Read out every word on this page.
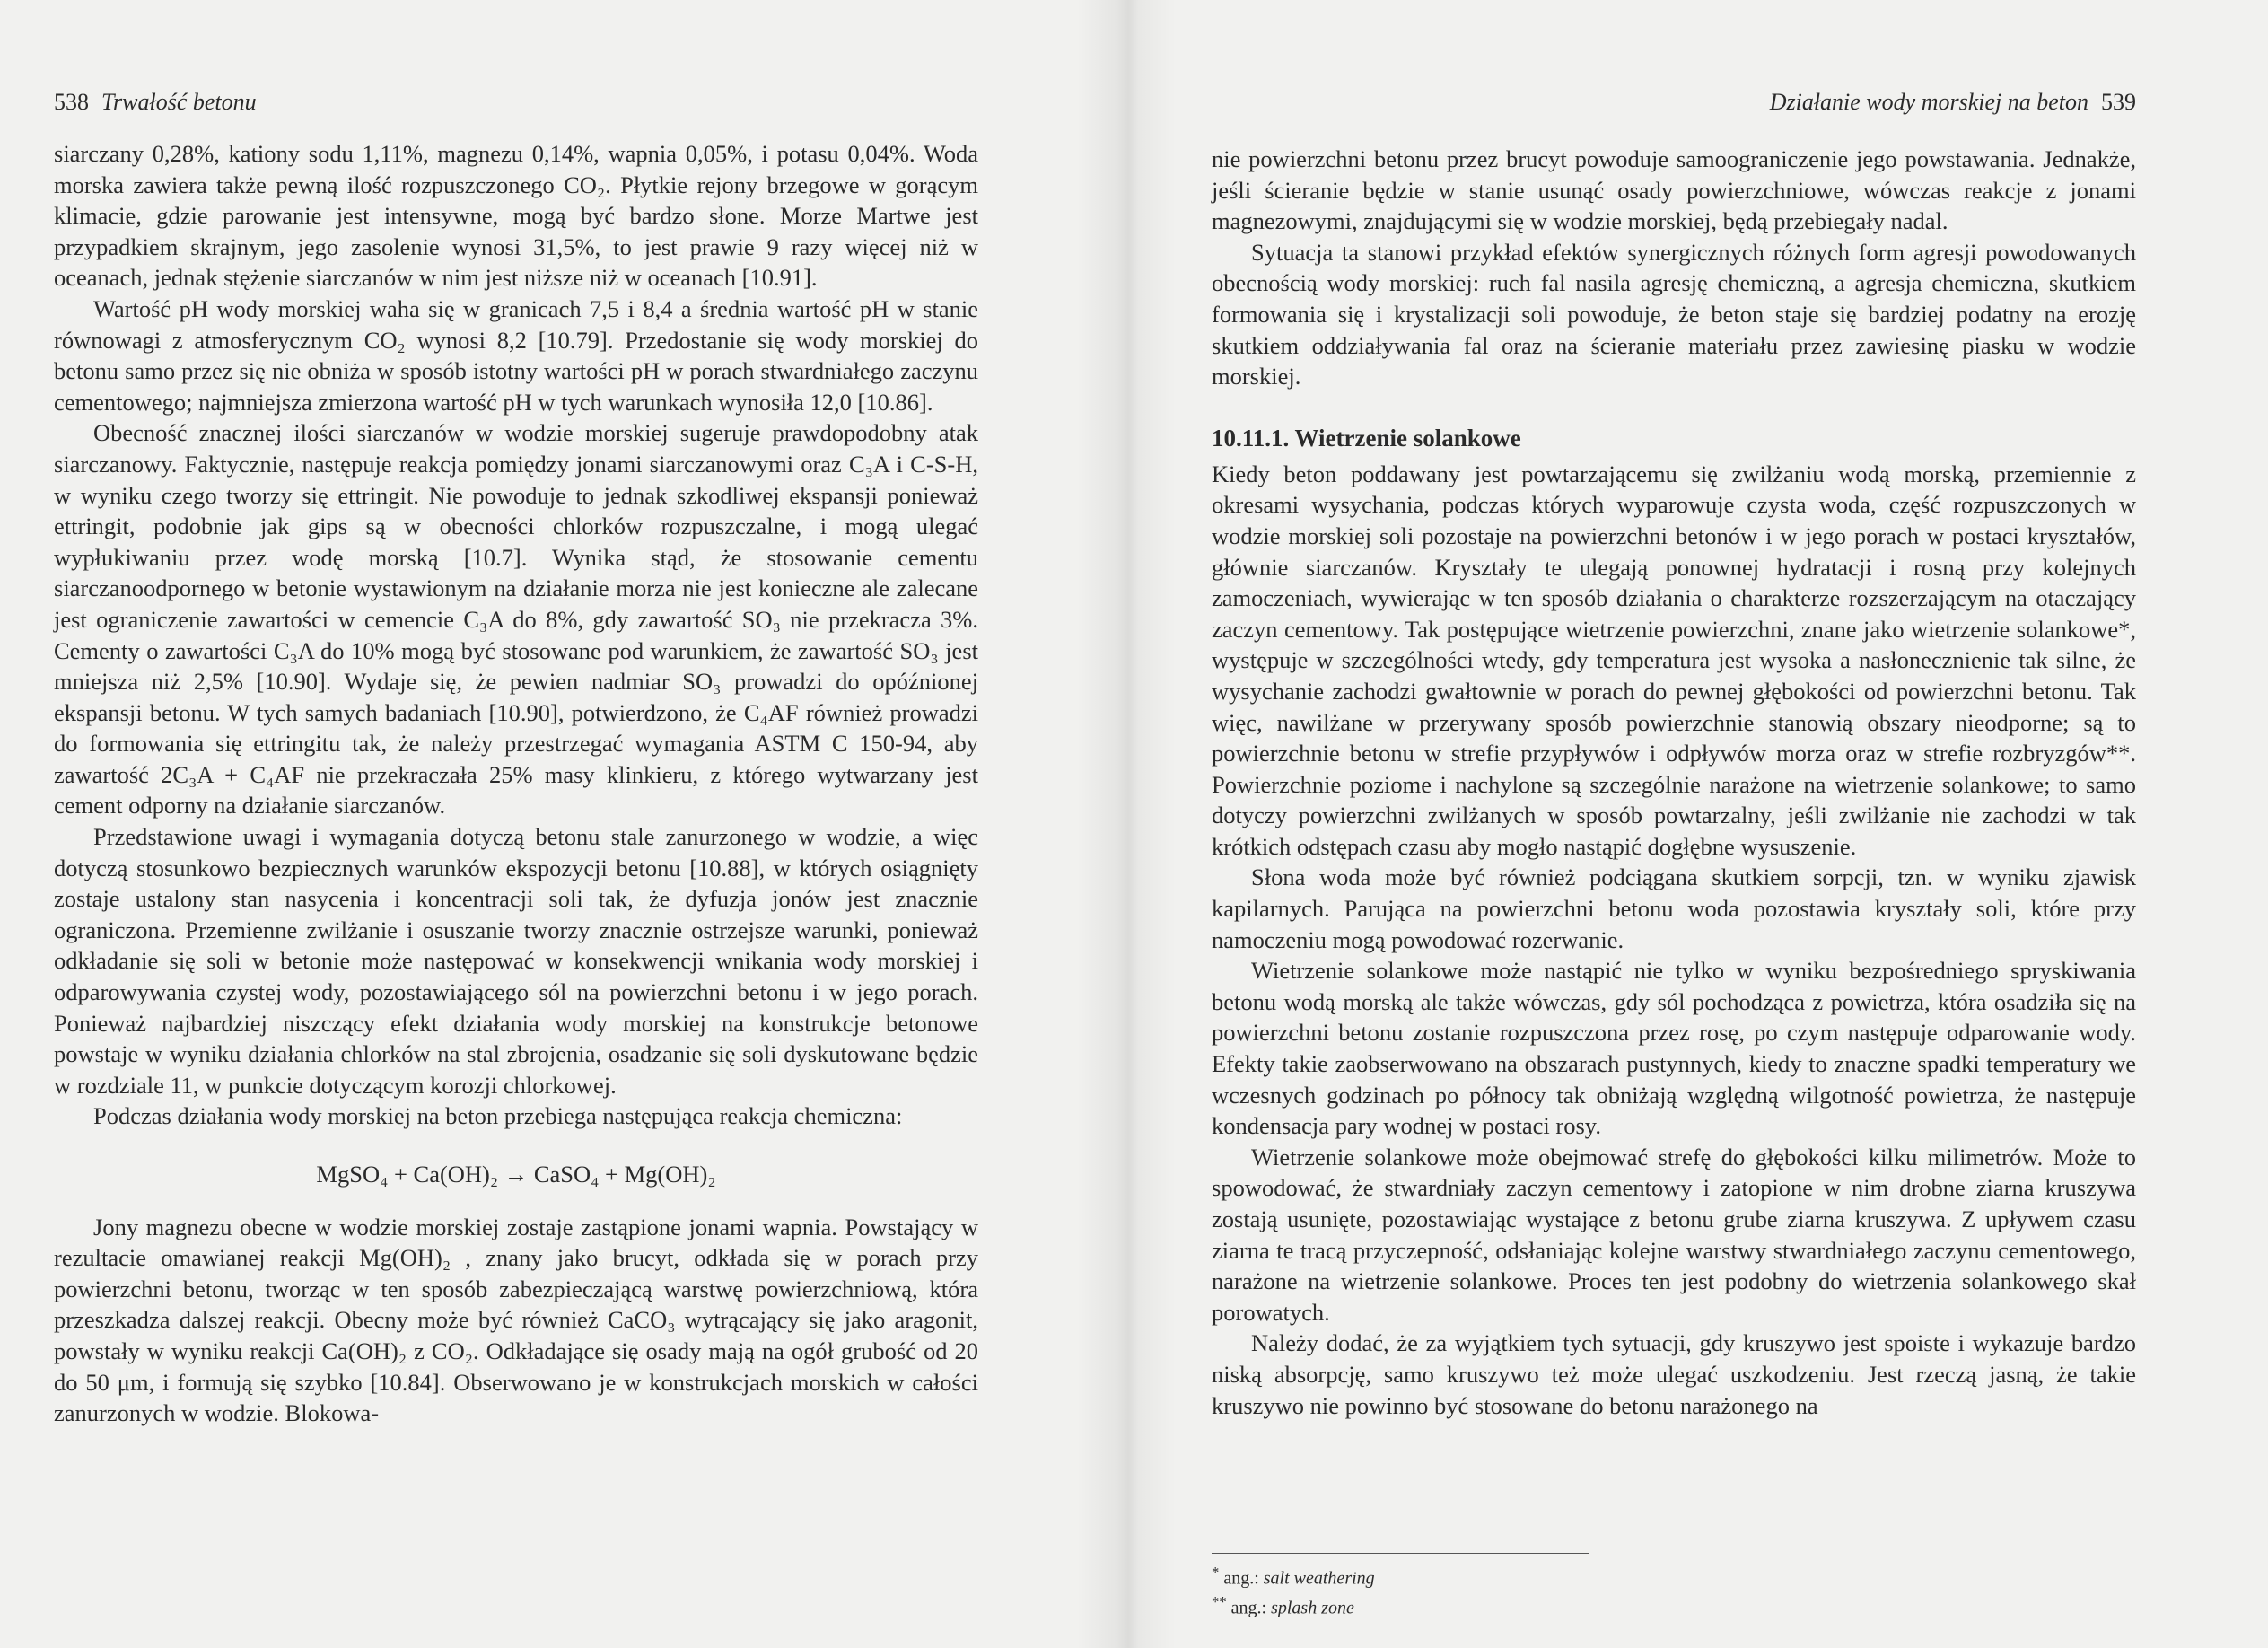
538 Trwałość betonu

siarczany 0,28%, kationy sodu 1,11%, magnezu 0,14%, wapnia 0,05%, i potasu 0,04%. Woda morska zawiera także pewną ilość rozpuszczonego CO₂. Płytkie rejony brzegowe w gorącym klimacie, gdzie parowanie jest intensywne, mogą być bardzo słone. Morze Martwe jest przypadkiem skrajnym, jego zasolenie wynosi 31,5%, to jest prawie 9 razy więcej niż w oceanach, jednak stężenie siarczanów w nim jest niższe niż w oceanach [10.91].

Wartość pH wody morskiej waha się w granicach 7,5 i 8,4 a średnia wartość pH w stanie równowagi z atmosferycznym CO₂ wynosi 8,2 [10.79]. Przedostanie się wody morskiej do betonu samo przez się nie obniża w sposób istotny wartości pH w porach stwardniałego zaczynu cementowego; najmniejsza zmierzona wartość pH w tych warunkach wynosiła 12,0 [10.86].

Obecność znacznej ilości siarczanów w wodzie morskiej sugeruje prawdopodobny atak siarczanowy. Faktycznie, następuje reakcja pomiędzy jonami siarczanowymi oraz C₃A i C-S-H, w wyniku czego tworzy się ettringit. Nie powoduje to jednak szkodliwej ekspansji ponieważ ettringit, podobnie jak gips są w obecności chlorków rozpuszczalne, i mogą ulegać wypłukiwaniu przez wodę morską [10.7]. Wynika stąd, że stosowanie cementu siarczanoodpornego w betonie wystawionym na działanie morza nie jest konieczne ale zalecane jest ograniczenie zawartości w cemencie C₃A do 8%, gdy zawartość SO₃ nie przekracza 3%. Cementy o zawartości C₃A do 10% mogą być stosowane pod warunkiem, że zawartość SO₃ jest mniejsza niż 2,5% [10.90]. Wydaje się, że pewien nadmiar SO₃ prowadzi do opóźnionej ekspansji betonu. W tych samych badaniach [10.90], potwierdzono, że C₄AF również prowadzi do formowania się ettringitu tak, że należy przestrzegać wymagania ASTM C 150-94, aby zawartość 2C₃A + C₄AF nie przekraczała 25% masy klinkieru, z którego wytwarzany jest cement odporny na działanie siarczanów.

Przedstawione uwagi i wymagania dotyczą betonu stale zanurzonego w wodzie, a więc dotyczą stosunkowo bezpiecznych warunków ekspozycji betonu [10.88], w których osiągnięty zostaje ustalony stan nasycenia i koncentracji soli tak, że dyfuzja jonów jest znacznie ograniczona. Przemienne zwilżanie i osuszanie tworzy znacznie ostrzejsze warunki, ponieważ odkładanie się soli w betonie może następować w konsekwencji wnikania wody morskiej i odparowywania czystej wody, pozostawiającego sól na powierzchni betonu i w jego porach. Ponieważ najbardziej niszczący efekt działania wody morskiej na konstrukcje betonowe powstaje w wyniku działania chlorków na stal zbrojenia, osadzanie się soli dyskutowane będzie w rozdziale 11, w punkcie dotyczącym korozji chlorkowej.

Podczas działania wody morskiej na beton przebiega następująca reakcja chemiczna:

MgSO₄ + Ca(OH)₂ → CaSO₄ + Mg(OH)₂

Jony magnezu obecne w wodzie morskiej zostaje zastąpione jonami wapnia. Powstający w rezultacie omawianej reakcji Mg(OH)₂ , znany jako brucyt, odkłada się w porach przy powierzchni betonu, tworząc w ten sposób zabezpieczającą warstwę powierzchniową, która przeszkadza dalszej reakcji. Obecny może być również CaCO₃ wytrącający się jako aragonit, powstały w wyniku reakcji Ca(OH)₂ z CO₂. Odkładające się osady mają na ogół grubość od 20 do 50 μm, i formują się szybko [10.84]. Obserwowano je w konstrukcjach morskich w całości zanurzonych w wodzie. Blokowa-

Działanie wody morskiej na beton 539

nie powierzchni betonu przez brucyt powoduje samoograniczenie jego powstawania. Jednakże, jeśli ścieranie będzie w stanie usunąć osady powierzchniowe, wówczas reakcje z jonami magnezowymi, znajdującymi się w wodzie morskiej, będą przebiegały nadal.

Sytuacja ta stanowi przykład efektów synergicznych różnych form agresji powodowanych obecnością wody morskiej: ruch fal nasila agresję chemiczną, a agresja chemiczna, skutkiem formowania się i krystalizacji soli powoduje, że beton staje się bardziej podatny na erozję skutkiem oddziaływania fal oraz na ścieranie materiału przez zawiesinę piasku w wodzie morskiej.

10.11.1. Wietrzenie solankowe

Kiedy beton poddawany jest powtarzającemu się zwilżaniu wodą morską, przemiennie z okresami wysychania, podczas których wyparowuje czysta woda, część rozpuszczonych w wodzie morskiej soli pozostaje na powierzchni betonów i w jego porach w postaci kryształów, głównie siarczanów. Kryształy te ulegają ponownej hydratacji i rosną przy kolejnych zamoczeniach, wywierając w ten sposób działania o charakterze rozszerzającym na otaczający zaczyn cementowy. Tak postępujące wietrzenie powierzchni, znane jako wietrzenie solankowe*, występuje w szczególności wtedy, gdy temperatura jest wysoka a nasłonecznienie tak silne, że wysychanie zachodzi gwałtownie w porach do pewnej głębokości od powierzchni betonu. Tak więc, nawilżane w przerywany sposób powierzchnie stanowią obszary nieodporne; są to powierzchnie betonu w strefie przypływów i odpływów morza oraz w strefie rozbryzgów**. Powierzchnie poziome i nachylone są szczególnie narażone na wietrzenie solankowe; to samo dotyczy powierzchni zwilżanych w sposób powtarzalny, jeśli zwilżanie nie zachodzi w tak krótkich odstępach czasu aby mogło nastąpić dogłębne wysuszenie.

Słona woda może być również podciągana skutkiem sorpcji, tzn. w wyniku zjawisk kapilarnych. Parująca na powierzchni betonu woda pozostawia kryształy soli, które przy namoczeniu mogą powodować rozerwanie.

Wietrzenie solankowe może nastąpić nie tylko w wyniku bezpośredniego spryskiwania betonu wodą morską ale także wówczas, gdy sól pochodząca z powietrza, która osadziła się na powierzchni betonu zostanie rozpuszczona przez rosę, po czym następuje odparowanie wody. Efekty takie zaobserwowano na obszarach pustynnych, kiedy to znaczne spadki temperatury we wczesnych godzinach po północy tak obniżają względną wilgotność powietrza, że następuje kondensacja pary wodnej w postaci rosy.

Wietrzenie solankowe może obejmować strefę do głębokości kilku milimetrów. Może to spowodować, że stwardniały zaczyn cementowy i zatopione w nim drobne ziarna kruszywa zostają usunięte, pozostawiając wystające z betonu grube ziarna kruszywa. Z upływem czasu ziarna te tracą przyczepność, odsłaniając kolejne warstwy stwardniałego zaczynu cementowego, narażone na wietrzenie solankowe. Proces ten jest podobny do wietrzenia solankowego skał porowatych.

Należy dodać, że za wyjątkiem tych sytuacji, gdy kruszywo jest spoiste i wykazuje bardzo niską absorpcję, samo kruszywo też może ulegać uszkodzeniu. Jest rzeczą jasną, że takie kruszywo nie powinno być stosowane do betonu narażonego na

* ang.: salt weathering
** ang.: splash zone
